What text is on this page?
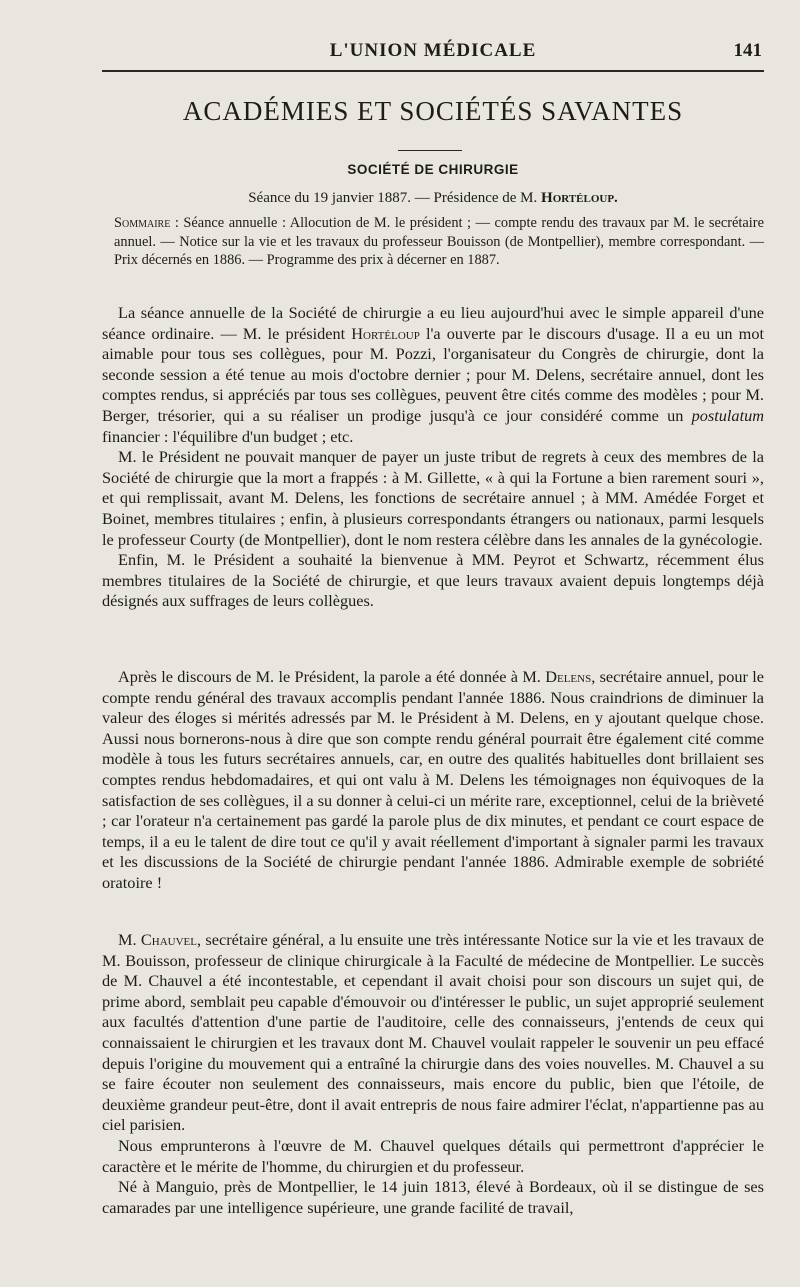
L'UNION MÉDICALE	141
ACADÉMIES ET SOCIÉTÉS SAVANTES
SOCIÉTÉ DE CHIRURGIE
Séance du 19 janvier 1887. — Présidence de M. Hortéloup.
Sommaire : Séance annuelle : Allocution de M. le président ; — compte rendu des travaux par M. le secrétaire annuel. — Notice sur la vie et les travaux du professeur Bouisson (de Montpellier), membre correspondant. — Prix décernés en 1886. — Programme des prix à décerner en 1887.

La séance annuelle de la Société de chirurgie a eu lieu aujourd'hui avec le simple appareil d'une séance ordinaire. — M. le président Hortéloup l'a ouverte par le discours d'usage. Il a eu un mot aimable pour tous ses collègues, pour M. Pozzi, l'organisateur du Congrès de chirurgie, dont la seconde session a été tenue au mois d'octobre dernier ; pour M. Delens, secrétaire annuel, dont les comptes rendus, si appréciés par tous ses collègues, peuvent être cités comme des modèles ; pour M. Berger, trésorier, qui a su réaliser un prodige jusqu'à ce jour considéré comme un postulatum financier : l'équilibre d'un budget ; etc.

M. le Président ne pouvait manquer de payer un juste tribut de regrets à ceux des membres de la Société de chirurgie que la mort a frappés : à M. Gillette, « à qui la Fortune a bien rarement souri », et qui remplissait, avant M. Delens, les fonctions de secrétaire annuel ; à MM. Amédée Forget et Boinet, membres titulaires ; enfin, à plusieurs correspondants étrangers ou nationaux, parmi lesquels le professeur Courty (de Montpellier), dont le nom restera célèbre dans les annales de la gynécologie.

Enfin, M. le Président a souhaité la bienvenue à MM. Peyrot et Schwartz, récemment élus membres titulaires de la Société de chirurgie, et que leurs travaux avaient depuis longtemps déjà désignés aux suffrages de leurs collègues.

Après le discours de M. le Président, la parole a été donnée à M. Delens, secrétaire annuel, pour le compte rendu général des travaux accomplis pendant l'année 1886. Nous craindrions de diminuer la valeur des éloges si mérités adressés par M. le Président à M. Delens, en y ajoutant quelque chose. Aussi nous bornerons-nous à dire que son compte rendu général pourrait être également cité comme modèle à tous les futurs secrétaires annuels, car, en outre des qualités habituelles dont brillaient ses comptes rendus hebdomadaires, et qui ont valu à M. Delens les témoignages non équivoques de la satisfaction de ses collègues, il a su donner à celui-ci un mérite rare, exceptionnel, celui de la brièveté ; car l'orateur n'a certainement pas gardé la parole plus de dix minutes, et pendant ce court espace de temps, il a eu le talent de dire tout ce qu'il y avait réellement d'important à signaler parmi les travaux et les discussions de la Société de chirurgie pendant l'année 1886. Admirable exemple de sobriété oratoire !

M. Chauvel, secrétaire général, a lu ensuite une très intéressante Notice sur la vie et les travaux de M. Bouisson, professeur de clinique chirurgicale à la Faculté de médecine de Montpellier. Le succès de M. Chauvel a été incontestable, et cependant il avait choisi pour son discours un sujet qui, de prime abord, semblait peu capable d'émouvoir ou d'intéresser le public, un sujet approprié seulement aux facultés d'attention d'une partie de l'auditoire, celle des connaisseurs, j'entends de ceux qui connaissaient le chirurgien et les travaux dont M. Chauvel voulait rappeler le souvenir un peu effacé depuis l'origine du mouvement qui a entraîné la chirurgie dans des voies nouvelles. M. Chauvel a su se faire écouter non seulement des connaisseurs, mais encore du public, bien que l'étoile, de deuxième grandeur peut-être, dont il avait entrepris de nous faire admirer l'éclat, n'appartienne pas au ciel parisien.

Nous emprunterons à l'œuvre de M. Chauvel quelques détails qui permettront d'apprécier le caractère et le mérite de l'homme, du chirurgien et du professeur.

Né à Manguio, près de Montpellier, le 14 juin 1813, élevé à Bordeaux, où il se distingue de ses camarades par une intelligence supérieure, une grande facilité de travail,
